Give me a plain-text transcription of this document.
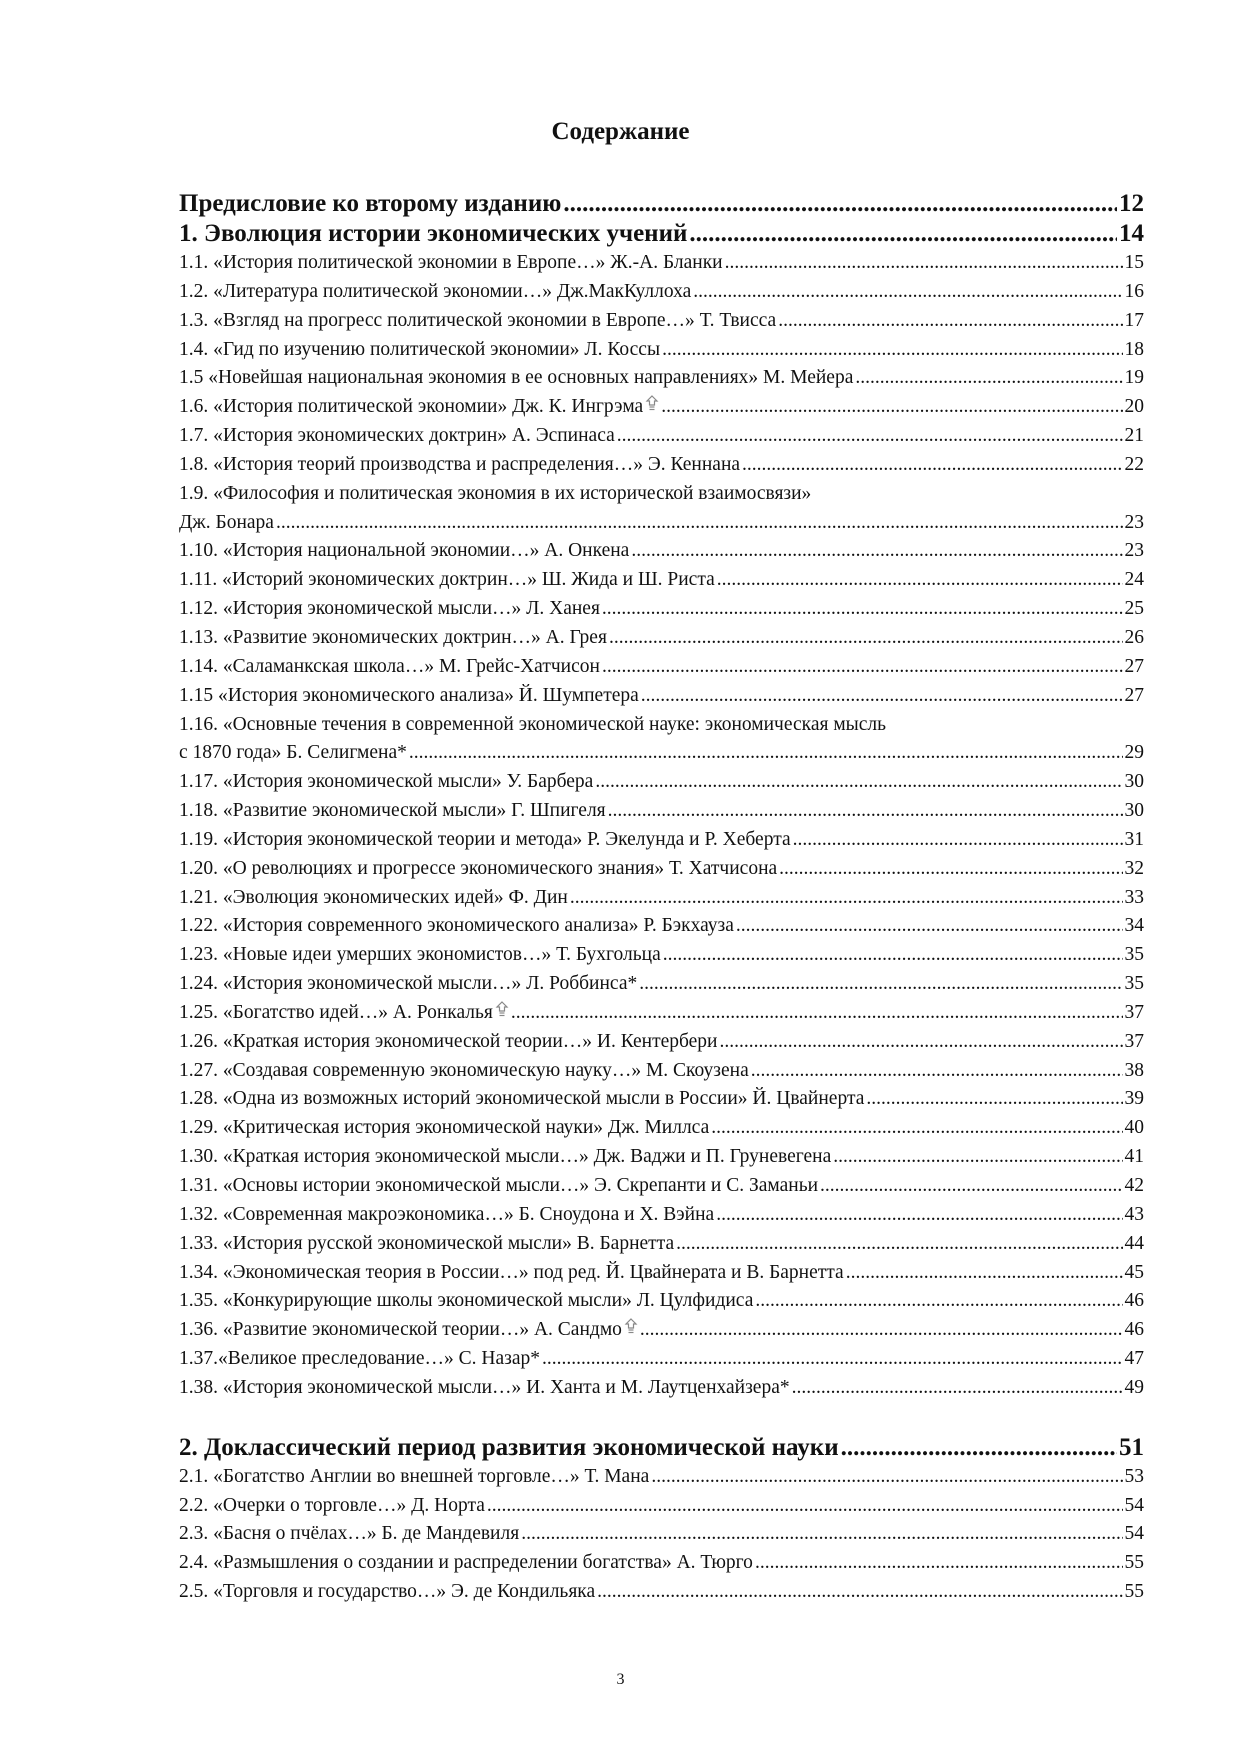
Содержание
Предисловие ко второму изданию .....	12
1. Эволюция истории экономических учений .....	14
1.1. «История политической экономии в Европе…» Ж.-А. Бланки .....	15
1.2. «Литература политической экономии…» Дж.МакКуллоха .....	16
1.3. «Взгляд на прогресс политической экономии в Европе…» Т. Твисса .....	17
1.4. «Гид по изучению политической экономии» Л. Коссы .....	18
1.5 «Новейшая национальная экономия в ее основных направлениях» М. Мейера .....	19
1.6. «История политической экономии» Дж. К. Ингрэма .....	20
1.7. «История экономических доктрин» А. Эспинаса .....	21
1.8. «История теорий производства и распределения…» Э. Кеннана .....	22
1.9. «Философия и политическая экономия в их исторической взаимосвязи»
Дж. Бонара .....	23
1.10. «История национальной экономии…» А. Онкена .....	23
1.11. «Историй экономических доктрин…» Ш. Жида и Ш. Риста .....	24
1.12. «История экономической мысли…» Л. Ханея .....	25
1.13. «Развитие экономических доктрин…» А. Грея .....	26
1.14. «Саламанкская школа…» М. Грейс-Хатчисон .....	27
1.15 «История экономического анализа» Й. Шумпетера .....	27
1.16. «Основные течения в современной экономической науке: экономическая мысль
с 1870 года» Б. Селигмена* .....	29
1.17. «История экономической мысли» У. Барбера .....	30
1.18. «Развитие экономической мысли» Г. Шпигеля .....	30
1.19. «История экономической теории и метода» Р. Экелунда и Р. Хеберта .....	31
1.20. «О революциях и прогрессе экономического знания» Т. Хатчисона .....	32
1.21. «Эволюция экономических идей» Ф. Дин .....	33
1.22. «История современного экономического анализа» Р. Бэкхауза .....	34
1.23. «Новые идеи умерших экономистов…» Т. Бухгольца .....	35
1.24. «История экономической мысли…» Л. Роббинса* .....	35
1.25. «Богатство идей…» А. Ронкалья .....	37
1.26. «Краткая история экономической теории…» И. Кентербери .....	37
1.27. «Создавая современную экономическую науку…» М. Скоузена .....	38
1.28. «Одна из возможных историй экономической мысли в России» Й. Цвайнерта .....	39
1.29. «Критическая история экономической науки» Дж. Миллса .....	40
1.30. «Краткая история экономической мысли…» Дж. Ваджи и П. Груневегена .....	41
1.31. «Основы истории экономической мысли…» Э. Скрепанти и С. Заманьи .....	42
1.32. «Современная макроэкономика…» Б. Сноудона и Х. Вэйна .....	43
1.33. «История русской экономической мысли» В. Барнетта .....	44
1.34. «Экономическая теория в России…» под ред. Й. Цвайнерата и В. Барнетта .....	45
1.35. «Конкурирующие школы экономической мысли» Л. Цулфидиса .....	46
1.36. «Развитие экономической теории…» А. Сандмо .....	46
1.37.«Великое преследование…» С. Назар* .....	47
1.38. «История экономической мысли…» И. Ханта и М. Лаутценхайзера* .....	49
2. Доклассический период развития экономической науки .....	51
2.1. «Богатство Англии во внешней торговле…» Т. Мана .....	53
2.2. «Очерки о торговле…» Д. Норта .....	54
2.3. «Басня о пчёлах…» Б. де Мандевиля .....	54
2.4. «Размышления о создании и распределении богатства» А. Тюрго .....	55
2.5. «Торговля и государство…» Э. де Кондильяка .....	55
3
